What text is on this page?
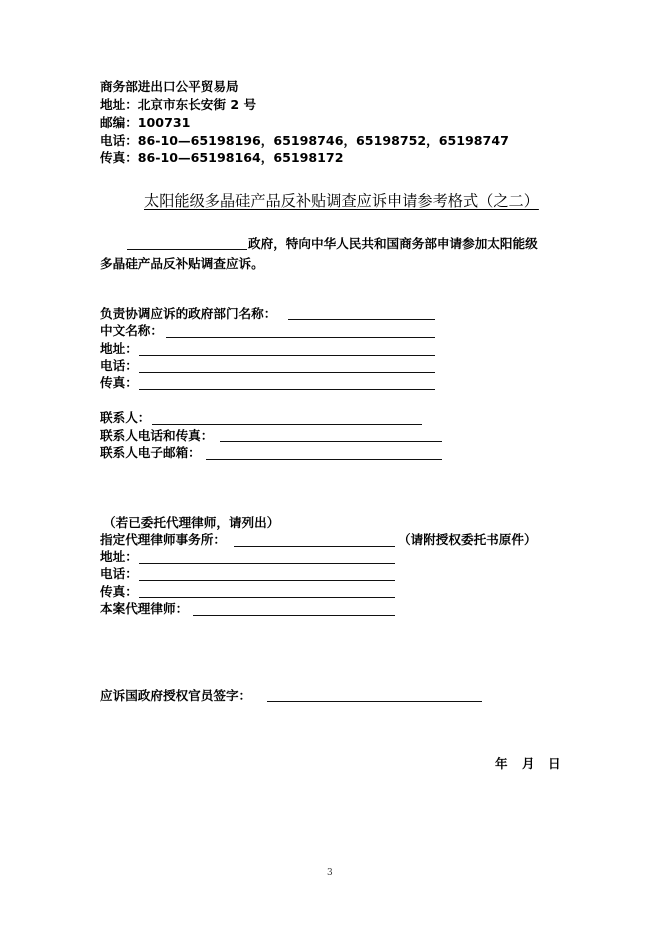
商务部进出口公平贸易局
地址：北京市东长安街 2 号
邮编：100731
电话：86-10—65198196，65198746，65198752，65198747
传真：86-10—65198164，65198172
太阳能级多晶硅产品反补贴调查应诉申请参考格式（之二）
政府，特向中华人民共和国商务部申请参加太阳能级
多晶硅产品反补贴调查应诉。
负责协调应诉的政府部门名称：
中文名称：
地址：
电话：
传真：
联系人：
联系人电话和传真：
联系人电子邮箱：
（若已委托代理律师，请列出）
指定代理律师事务所：	（请附授权委托书原件）
地址：
电话：
传真：
本案代理律师：
应诉国政府授权官员签字：
年 月 日
3
